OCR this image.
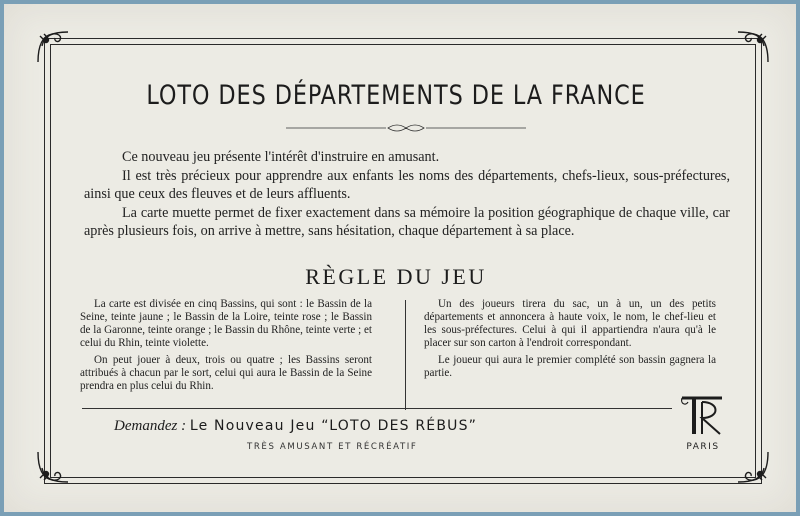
LOTO DES DÉPARTEMENTS DE LA FRANCE

Ce nouveau jeu présente l'intérêt d'instruire en amusant.

Il est très précieux pour apprendre aux enfants les noms des départements, chefs-lieux, sous-préfectures, ainsi que ceux des fleuves et de leurs affluents.

La carte muette permet de fixer exactement dans sa mémoire la position géographique de chaque ville, car après plusieurs fois, on arrive à mettre, sans hésitation, chaque département à sa place.

RÈGLE DU JEU

La carte est divisée en cinq Bassins, qui sont : le Bassin de la Seine, teinte jaune ; le Bassin de la Loire, teinte rose ; le Bassin de la Garonne, teinte orange ; le Bassin du Rhône, teinte verte ; et celui du Rhin, teinte violette.

On peut jouer à deux, trois ou quatre ; les Bassins seront attribués à chacun par le sort, celui qui aura le Bassin de la Seine prendra en plus celui du Rhin.

Un des joueurs tirera du sac, un à un, un des petits départements et annoncera à haute voix, le nom, le chef-lieu et les sous-préfectures. Celui à qui il appartiendra n'aura qu'à le placer sur son carton à l'endroit correspondant.

Le joueur qui aura le premier complété son bassin gagnera la partie.

Demandez : Le Nouveau Jeu “LOTO DES RÉBUS”
TRÈS AMUSANT ET RÉCRÉATIF	PARIS
